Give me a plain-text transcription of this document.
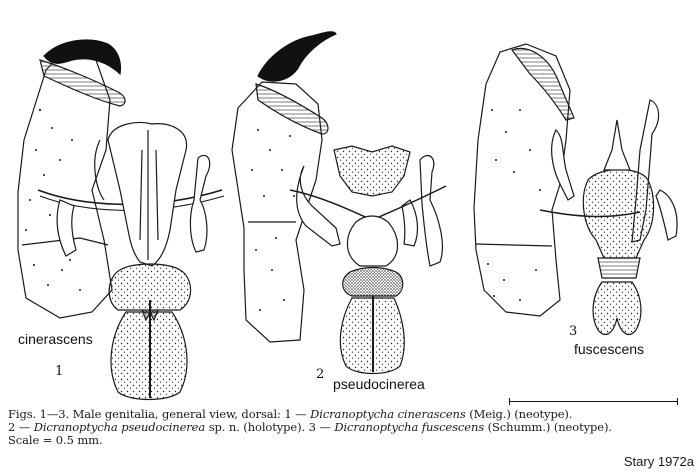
cinerascens
1	2
pseudocinerea
3
fuscescens
Figs. 1—3. Male genitalia, general view, dorsal: 1 — Dicranoptycha cinerascens (Meig.) (neotype).
2 — Dicranoptycha pseudocinerea sp. n. (holotype). 3 — Dicranoptycha fuscescens (Schumm.) (neotype).
Scale = 0.5 mm.
Stary 1972a
